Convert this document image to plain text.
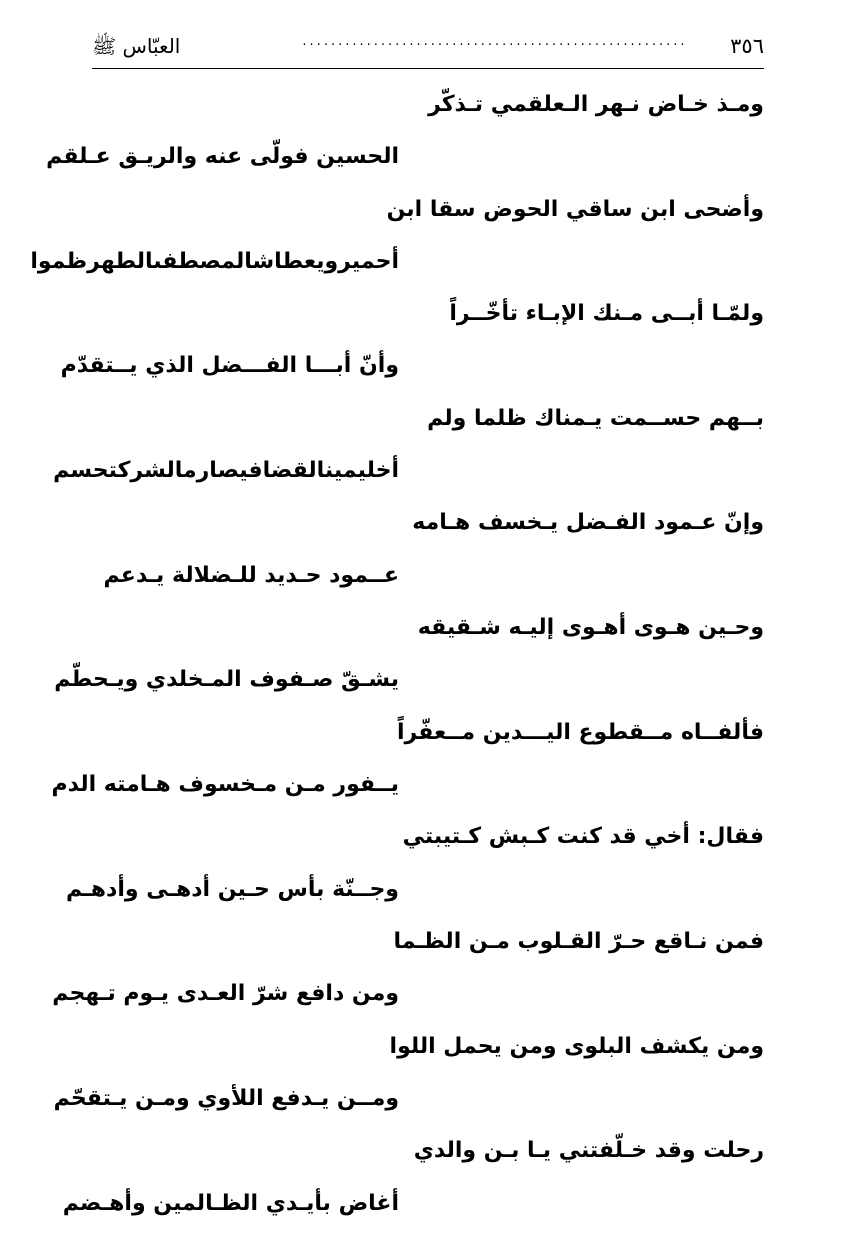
٣٥٦
......................................................
العبّاس ﷺ
ومـذ خـاض نـهر الـعلقمي تـذكّر
الحسين فولّى عنه والريـق عـلقم
وأضحى ابن ساقي الحوض سقا ابن
أحميرويعطاشالمصطفىالطهرظموا
ولمّـا أبــى مـنك الإبـاء تأخّــراً
وأنّ أبـــا الفـــضل الذي يــتقدّم
بــهم حســمت يـمناك ظلما ولم
أخليمينالقضافيصارمالشركتحسم
وإنّ عـمود الفـضل يـخسف هـامه
عــمود حـديد للـضلالة يـدعم
وحـين هـوى أهـوى إليـه شـقيقه
يشـقّ صـفوف المـخلدي ويـحطّم
فألفــاه مــقطوع اليـــدين مــعفّراً
يــفور مـن مـخسوف هـامته الدم
فقال: أخي قد كنت كـبش كـتيبتي
وجــنّة بأس حـين أدهـى وأدهـم
فمن نـاقع حـرّ القـلوب مـن الظـما
ومن دافع شرّ العـدى يـوم تـهجم
ومن يكشف البلوى ومن يحمل اللوا
ومــن يـدفع اللأوي ومـن يـتقحّم
رحلت وقد خـلّفتني يـا بـن والدي
أغاض بأيـدي الظـالمين وأهـضم
